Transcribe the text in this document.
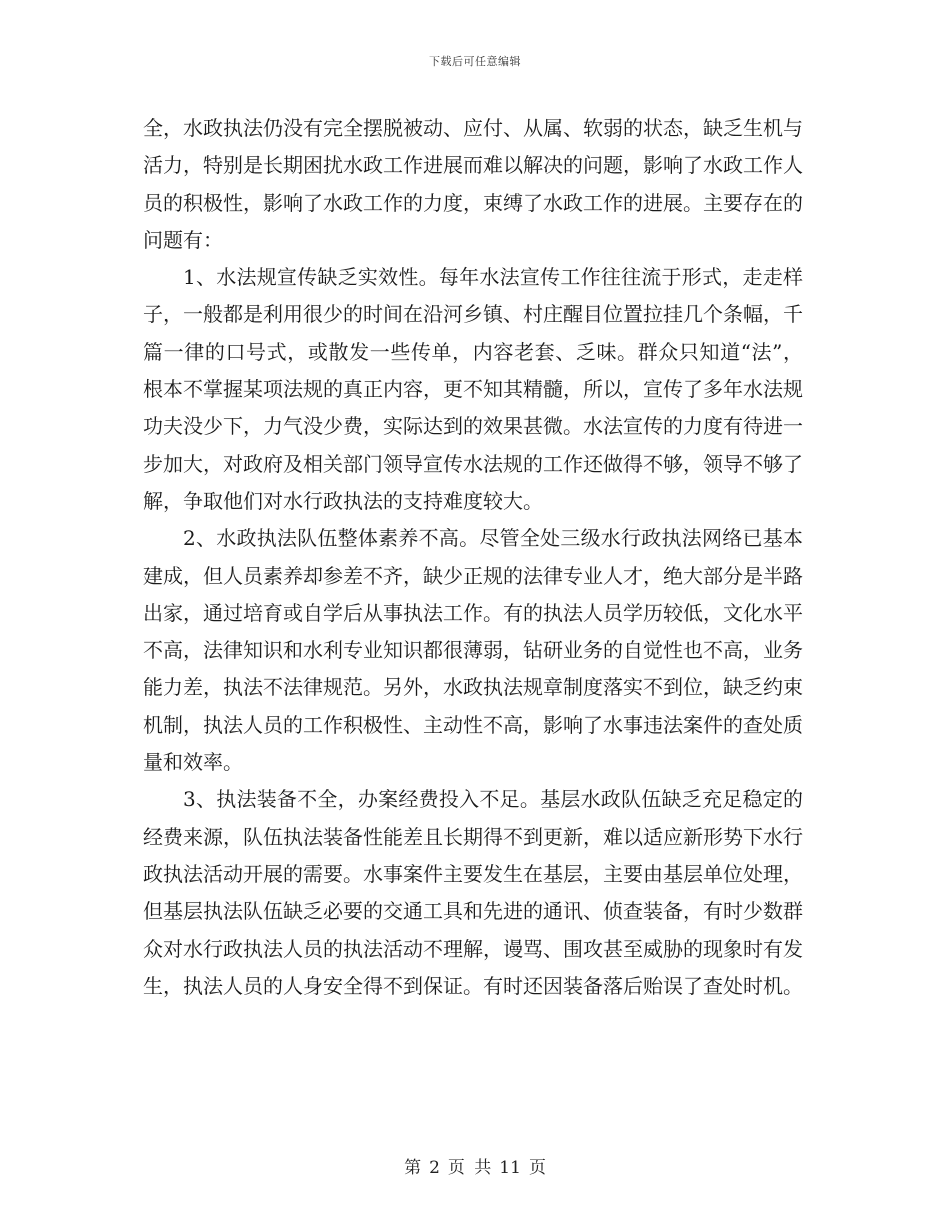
下载后可任意编辑

全，水政执法仍没有完全摆脱被动、应付、从属、软弱的状态，缺乏生机与活力，特别是长期困扰水政工作进展而难以解决的问题，影响了水政工作人员的积极性，影响了水政工作的力度，束缚了水政工作的进展。主要存在的问题有：

1、水法规宣传缺乏实效性。每年水法宣传工作往往流于形式，走走样子，一般都是利用很少的时间在沿河乡镇、村庄醒目位置拉挂几个条幅，千篇一律的口号式，或散发一些传单，内容老套、乏味。群众只知道“法”，根本不掌握某项法规的真正内容，更不知其精髓，所以，宣传了多年水法规功夫没少下，力气没少费，实际达到的效果甚微。水法宣传的力度有待进一步加大，对政府及相关部门领导宣传水法规的工作还做得不够，领导不够了解，争取他们对水行政执法的支持难度较大。

2、水政执法队伍整体素养不高。尽管全处三级水行政执法网络已基本建成，但人员素养却参差不齐，缺少正规的法律专业人才，绝大部分是半路出家，通过培育或自学后从事执法工作。有的执法人员学历较低，文化水平不高，法律知识和水利专业知识都很薄弱，钻研业务的自觉性也不高，业务能力差，执法不法律规范。另外，水政执法规章制度落实不到位，缺乏约束机制，执法人员的工作积极性、主动性不高，影响了水事违法案件的查处质量和效率。

3、执法装备不全，办案经费投入不足。基层水政队伍缺乏充足稳定的经费来源，队伍执法装备性能差且长期得不到更新，难以适应新形势下水行政执法活动开展的需要。水事案件主要发生在基层，主要由基层单位处理，但基层执法队伍缺乏必要的交通工具和先进的通讯、侦查装备，有时少数群众对水行政执法人员的执法活动不理解，谩骂、围攻甚至威胁的现象时有发生，执法人员的人身安全得不到保证。有时还因装备落后贻误了查处时机。

第 2 页 共 11 页
